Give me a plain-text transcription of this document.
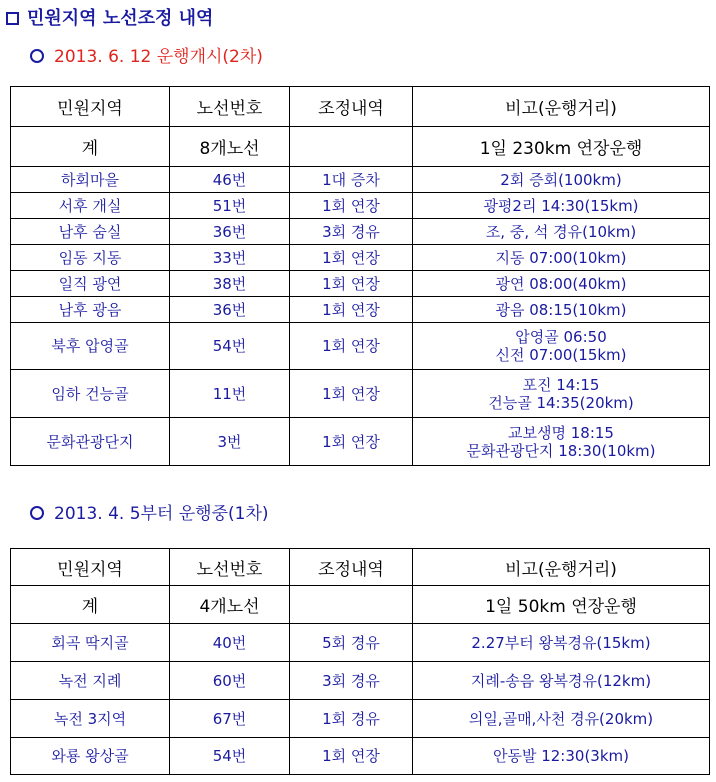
민원지역 노선조정 내역
2013. 6. 12 운행개시(2차)
민원지역	노선번호	조정내역	비고(운행거리)
계	8개노선		1일 230km 연장운행
하회마을	46번	1대 증차	2회 증회(100km)

서후 개실	51번	1회 연장	광평2리 14:30(15km)

남후 숨실	36번	3회 경유	조, 중, 석 경유(10km)

임동 지동	33번	1회 연장	지동 07:00(10km)

일직 광연	38번	1회 연장	광연 08:00(40km)

남후 광음	36번	1회 연장	광음 08:15(10km)

북후 압영골	54번	1회 연장	압영골 06:50
신전 07:00(15km)

임하 건능골	11번	1회 연장	포진 14:15
건능골 14:35(20km)

문화관광단지	3번	1회 연장	교보생명 18:15
문화관광단지 18:30(10km)
2013. 4. 5부터 운행중(1차)
민원지역	노선번호	조정내역	비고(운행거리)
계	4개노선		1일 50km 연장운행
회곡 딱지골	40번	5회 경유	2.27부터 왕복경유(15km)

녹전 지례	60번	3회 경유	지례-송음 왕복경유(12km)

녹전 3지역	67번	1회 경유	의일,골매,사천 경유(20km)

와룡 왕상골	54번	1회 연장	안동발 12:30(3km)
